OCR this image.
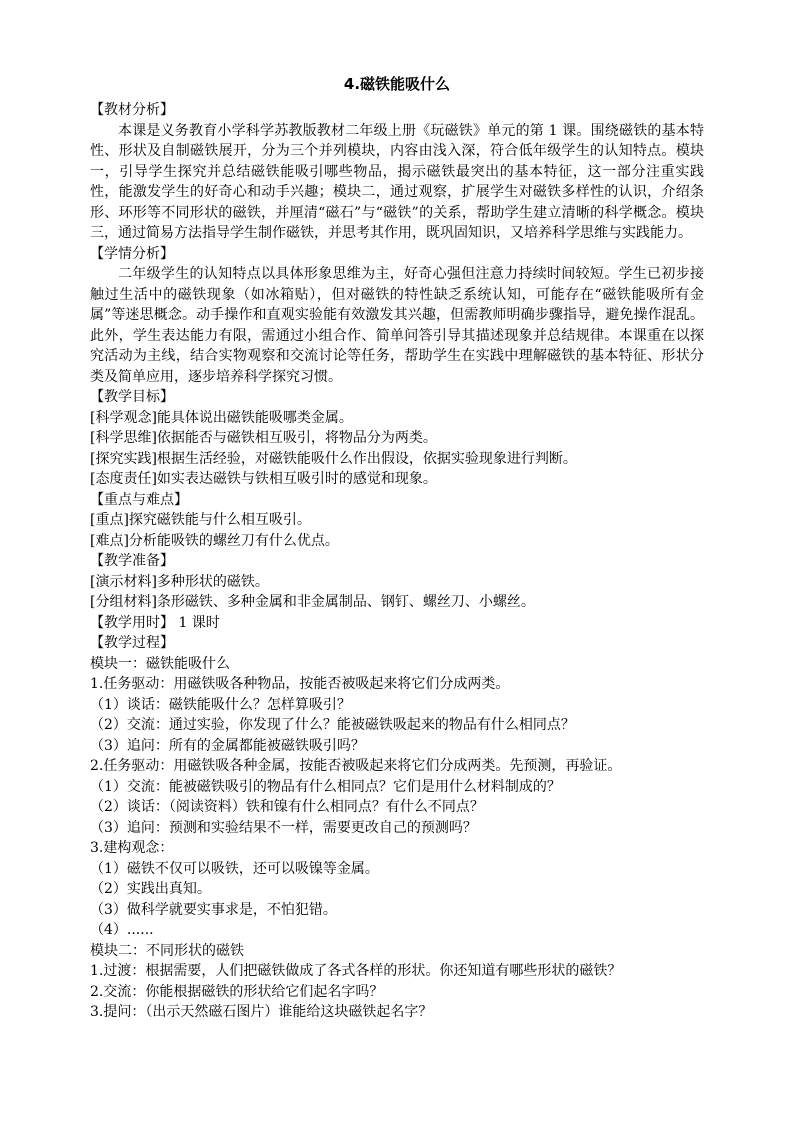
4.磁铁能吸什么

【教材分析】

本课是义务教育小学科学苏教版教材二年级上册《玩磁铁》单元的第 1 课。围绕磁铁的基本特性、形状及自制磁铁展开，分为三个并列模块，内容由浅入深，符合低年级学生的认知特点。模块一，引导学生探究并总结磁铁能吸引哪些物品，揭示磁铁最突出的基本特征，这一部分注重实践性，能激发学生的好奇心和动手兴趣；模块二，通过观察，扩展学生对磁铁多样性的认识，介绍条形、环形等不同形状的磁铁，并厘清“磁石”与“磁铁”的关系，帮助学生建立清晰的科学概念。模块三，通过简易方法指导学生制作磁铁，并思考其作用，既巩固知识，又培养科学思维与实践能力。

【学情分析】

二年级学生的认知特点以具体形象思维为主，好奇心强但注意力持续时间较短。学生已初步接触过生活中的磁铁现象（如冰箱贴），但对磁铁的特性缺乏系统认知，可能存在“磁铁能吸所有金属”等迷思概念。动手操作和直观实验能有效激发其兴趣，但需教师明确步骤指导，避免操作混乱。此外，学生表达能力有限，需通过小组合作、简单问答引导其描述现象并总结规律。本课重在以探究活动为主线，结合实物观察和交流讨论等任务，帮助学生在实践中理解磁铁的基本特征、形状分类及简单应用，逐步培养科学探究习惯。

【教学目标】

[科学观念]能具体说出磁铁能吸哪类金属。

[科学思维]依据能否与磁铁相互吸引，将物品分为两类。

[探究实践]根据生活经验，对磁铁能吸什么作出假设，依据实验现象进行判断。

[态度责任]如实表达磁铁与铁相互吸引时的感觉和现象。

【重点与难点】

[重点]探究磁铁能与什么相互吸引。

[难点]分析能吸铁的螺丝刀有什么优点。

【教学准备】

[演示材料]多种形状的磁铁。

[分组材料]条形磁铁、多种金属和非金属制品、钢钉、螺丝刀、小螺丝。

【教学用时】 1 课时

【教学过程】

模块一：磁铁能吸什么

1.任务驱动：用磁铁吸各种物品，按能否被吸起来将它们分成两类。

（1）谈话：磁铁能吸什么？怎样算吸引？

（2）交流：通过实验，你发现了什么？能被磁铁吸起来的物品有什么相同点？

（3）追问：所有的金属都能被磁铁吸引吗？

2.任务驱动：用磁铁吸各种金属，按能否被吸起来将它们分成两类。先预测，再验证。

（1）交流：能被磁铁吸引的物品有什么相同点？它们是用什么材料制成的？

（2）谈话：（阅读资料）铁和镍有什么相同点？有什么不同点？

（3）追问：预测和实验结果不一样，需要更改自己的预测吗？

3.建构观念：

（1）磁铁不仅可以吸铁，还可以吸镍等金属。

（2）实践出真知。

（3）做科学就要实事求是，不怕犯错。

（4）......

模块二：不同形状的磁铁

1.过渡：根据需要，人们把磁铁做成了各式各样的形状。你还知道有哪些形状的磁铁？

2.交流：你能根据磁铁的形状给它们起名字吗？

3.提问：（出示天然磁石图片）谁能给这块磁铁起名字？
